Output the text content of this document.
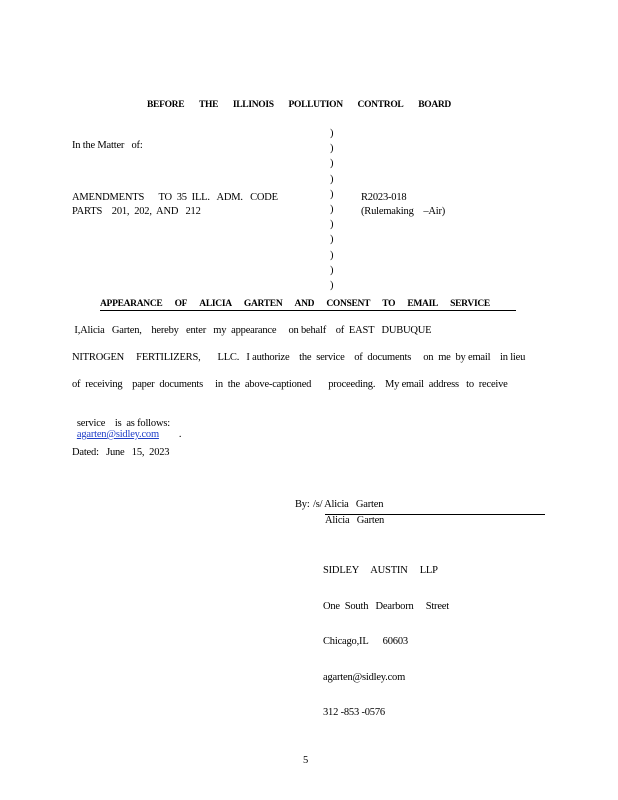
BEFORE THE ILLINOIS POLLUTION CONTROL BOARD
In the Matter   of:
AMENDMENTS      TO  35  ILL.   ADM.   CODE
PARTS    201,  202,  AND   212
)
)
)
)
)
)
)
)
)
)
)
R2023-018
(Rulemaking    –Air)
APPEARANCE OF ALICIA GARTEN AND CONSENT TO EMAIL SERVICE
I,Alicia   Garten,    hereby   enter   my  appearance     on behalf    of  EAST   DUBUQUE
NITROGEN     FERTILIZERS,       LLC.   I authorize    the  service    of  documents     on  me  by email    in lieu
of  receiving    paper  documents     in  the  above-captioned       proceeding.    My email  address   to  receive

service    is  as follows:
agarten@sidley.com .

Dated:   June   15,  2023
By: /s/ Alicia   Garten
Alicia   Garten

SIDLEY     AUSTIN     LLP

One  South   Dearborn     Street

Chicago,IL      60603

agarten@sidley.com

312 -853 -0576

5
